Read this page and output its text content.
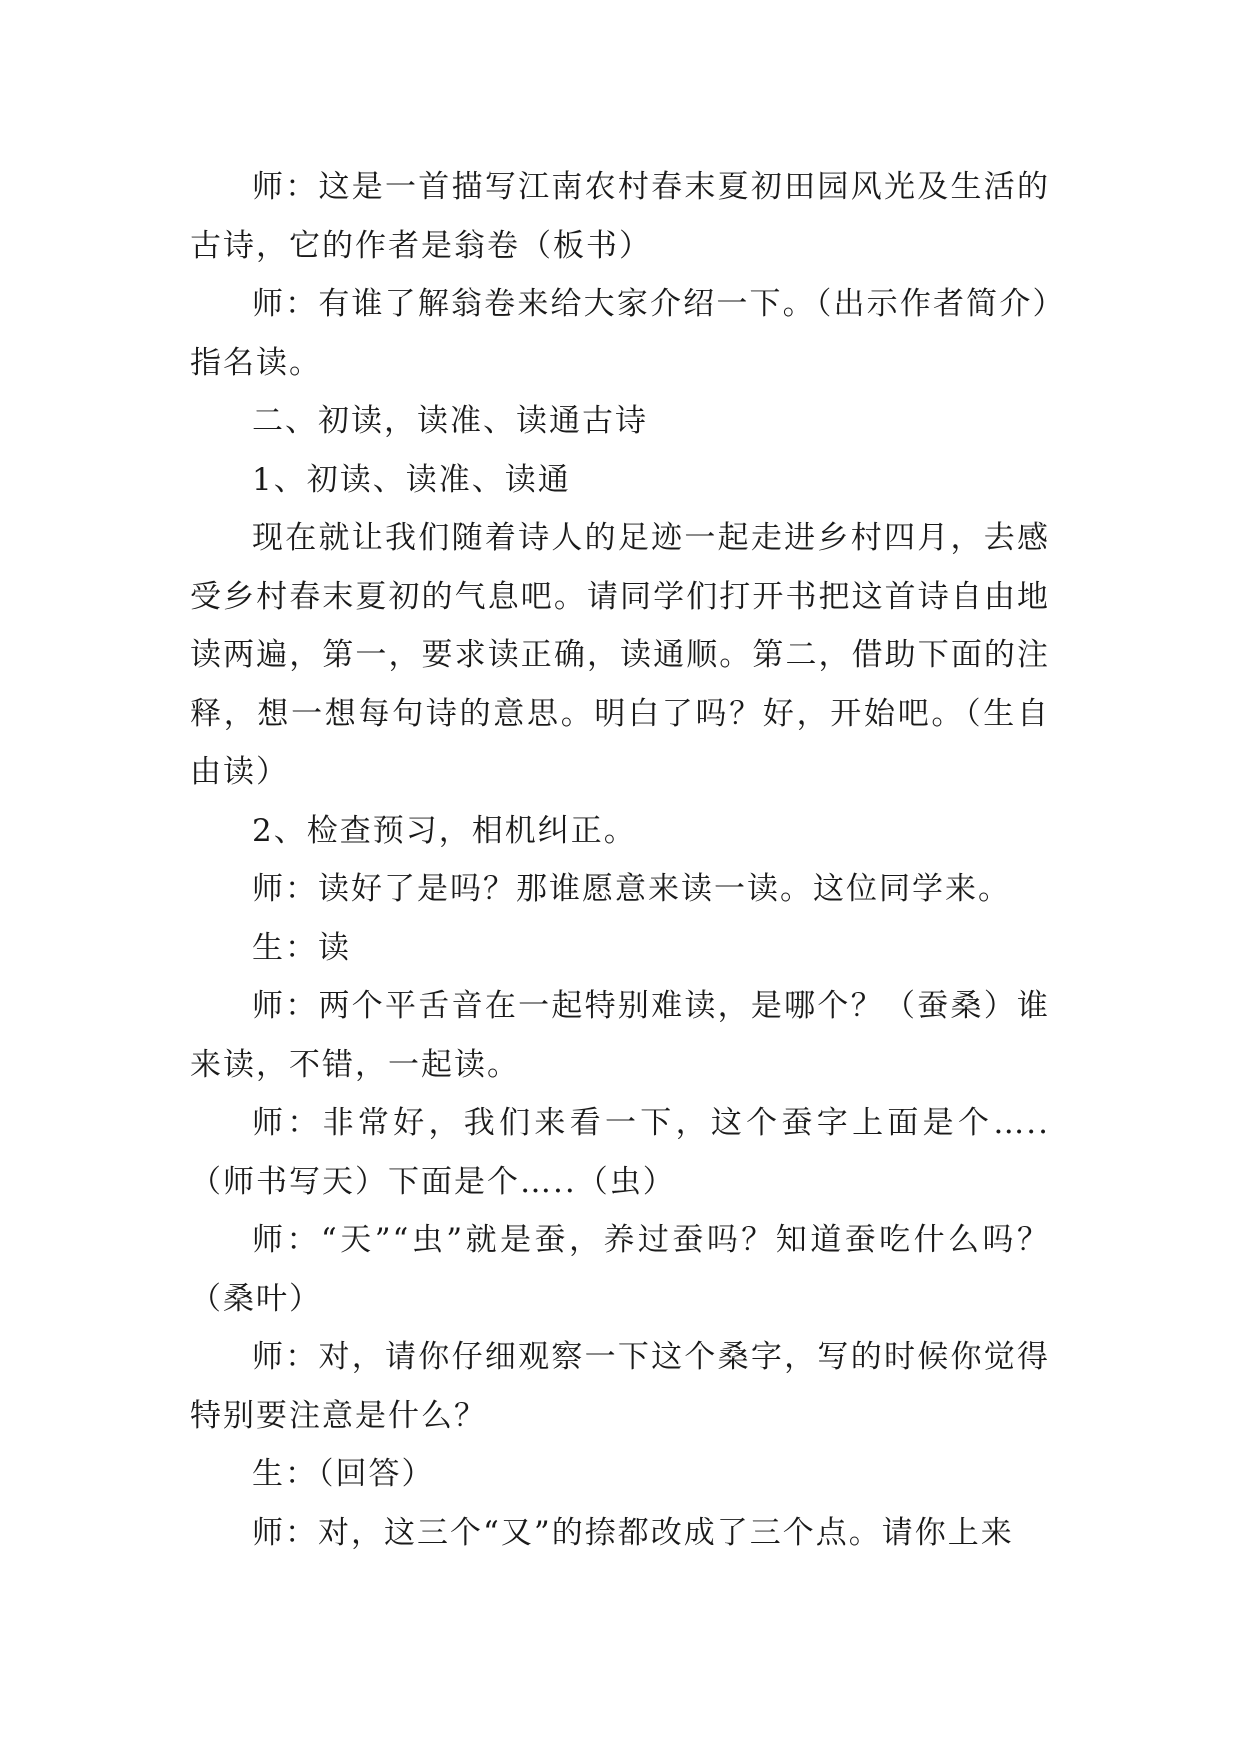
师：这是一首描写江南农村春末夏初田园风光及生活的古诗，它的作者是翁卷（板书）

师：有谁了解翁卷来给大家介绍一下。（出示作者简介）指名读。

二、初读，读准、读通古诗

1、初读、读准、读通

现在就让我们随着诗人的足迹一起走进乡村四月，去感受乡村春末夏初的气息吧。请同学们打开书把这首诗自由地读两遍，第一，要求读正确，读通顺。第二，借助下面的注释，想一想每句诗的意思。明白了吗？好，开始吧。（生自由读）

2、检查预习，相机纠正。

师：读好了是吗？那谁愿意来读一读。这位同学来。

生：读

师：两个平舌音在一起特别难读，是哪个？（蚕桑）谁来读，不错，一起读。

师：非常好，我们来看一下，这个蚕字上面是个…..（师书写天）下面是个…..（虫）

师：“天”“虫”就是蚕，养过蚕吗？知道蚕吃什么吗？（桑叶）

师：对，请你仔细观察一下这个桑字，写的时候你觉得特别要注意是什么？

生：（回答）

师：对，这三个“又”的捺都改成了三个点。请你上来
